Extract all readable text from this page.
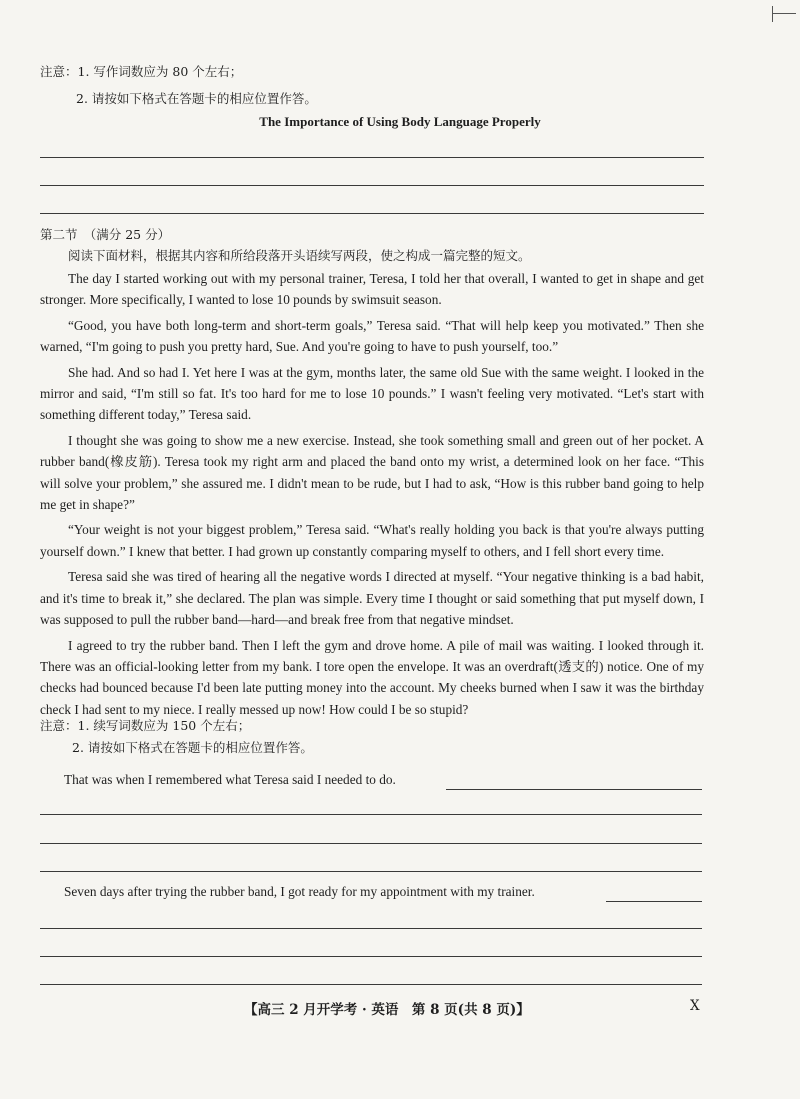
注意：1. 写作词数应为 80 个左右；
2. 请按如下格式在答题卡的相应位置作答。
The Importance of Using Body Language Properly
第二节　（满分 25 分）
阅读下面材料，根据其内容和所给段落开头语续写两段，使之构成一篇完整的短文。

The day I started working out with my personal trainer, Teresa, I told her that overall, I wanted to get in shape and get stronger. More specifically, I wanted to lose 10 pounds by swimsuit season.

“Good, you have both long-term and short-term goals,” Teresa said. “That will help keep you motivated.” Then she warned, “I'm going to push you pretty hard, Sue. And you're going to have to push yourself, too.”

She had. And so had I. Yet here I was at the gym, months later, the same old Sue with the same weight. I looked in the mirror and said, “I'm still so fat. It's too hard for me to lose 10 pounds.” I wasn't feeling very motivated. “Let's start with something different today,” Teresa said.

I thought she was going to show me a new exercise. Instead, she took something small and green out of her pocket. A rubber band(橡皮筋). Teresa took my right arm and placed the band onto my wrist, a determined look on her face. “This will solve your problem,” she assured me. I didn't mean to be rude, but I had to ask, “How is this rubber band going to help me get in shape?”

“Your weight is not your biggest problem,” Teresa said. “What's really holding you back is that you're always putting yourself down.” I knew that better. I had grown up constantly comparing myself to others, and I fell short every time.

Teresa said she was tired of hearing all the negative words I directed at myself. “Your negative thinking is a bad habit, and it's time to break it,” she declared. The plan was simple. Every time I thought or said something that put myself down, I was supposed to pull the rubber band—hard—and break free from that negative mindset.

I agreed to try the rubber band. Then I left the gym and drove home. A pile of mail was waiting. I looked through it. There was an official-looking letter from my bank. I tore open the envelope. It was an overdraft(透支的) notice. One of my checks had bounced because I'd been late putting money into the account. My cheeks burned when I saw it was the birthday check I had sent to my niece. I really messed up now! How could I be so stupid?

注意：1. 续写词数应为 150 个左右；
2. 请按如下格式在答题卡的相应位置作答。
That was when I remembered what Teresa said I needed to do.
Seven days after trying the rubber band, I got ready for my appointment with my trainer.
【高三 2 月开学考 · 英语　第 8 页(共 8 页)】	X
